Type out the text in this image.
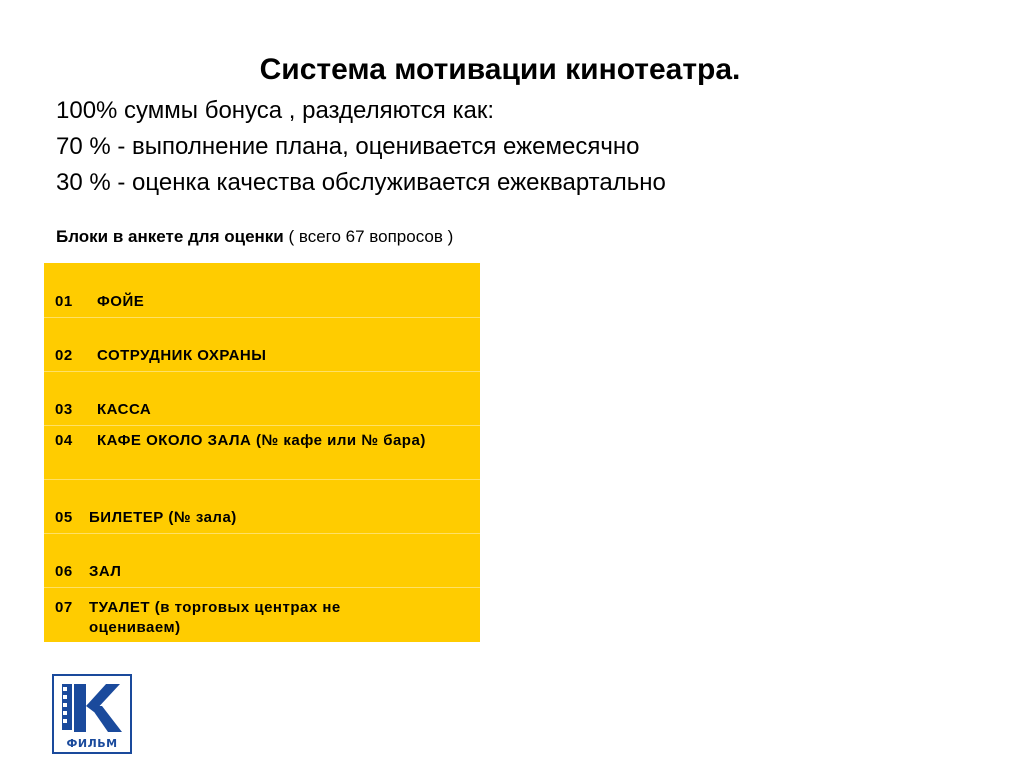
Система мотивации кинотеатра.
100% суммы бонуса , разделяются как:
70 % - выполнение плана, оценивается ежемесячно
30 % - оценка качества обслуживается ежеквартально
Блоки в анкете для оценки ( всего 67 вопросов )
01 ФОЙЕ
02 СОТРУДНИК ОХРАНЫ
03 КАССА
04 КАФЕ ОКОЛО ЗАЛА (№ кафе или № бара)
05 БИЛЕТЕР (№ зала)
06 ЗАЛ
07 ТУАЛЕТ (в торговых центрах не оцениваем)
ФИЛЬМ
